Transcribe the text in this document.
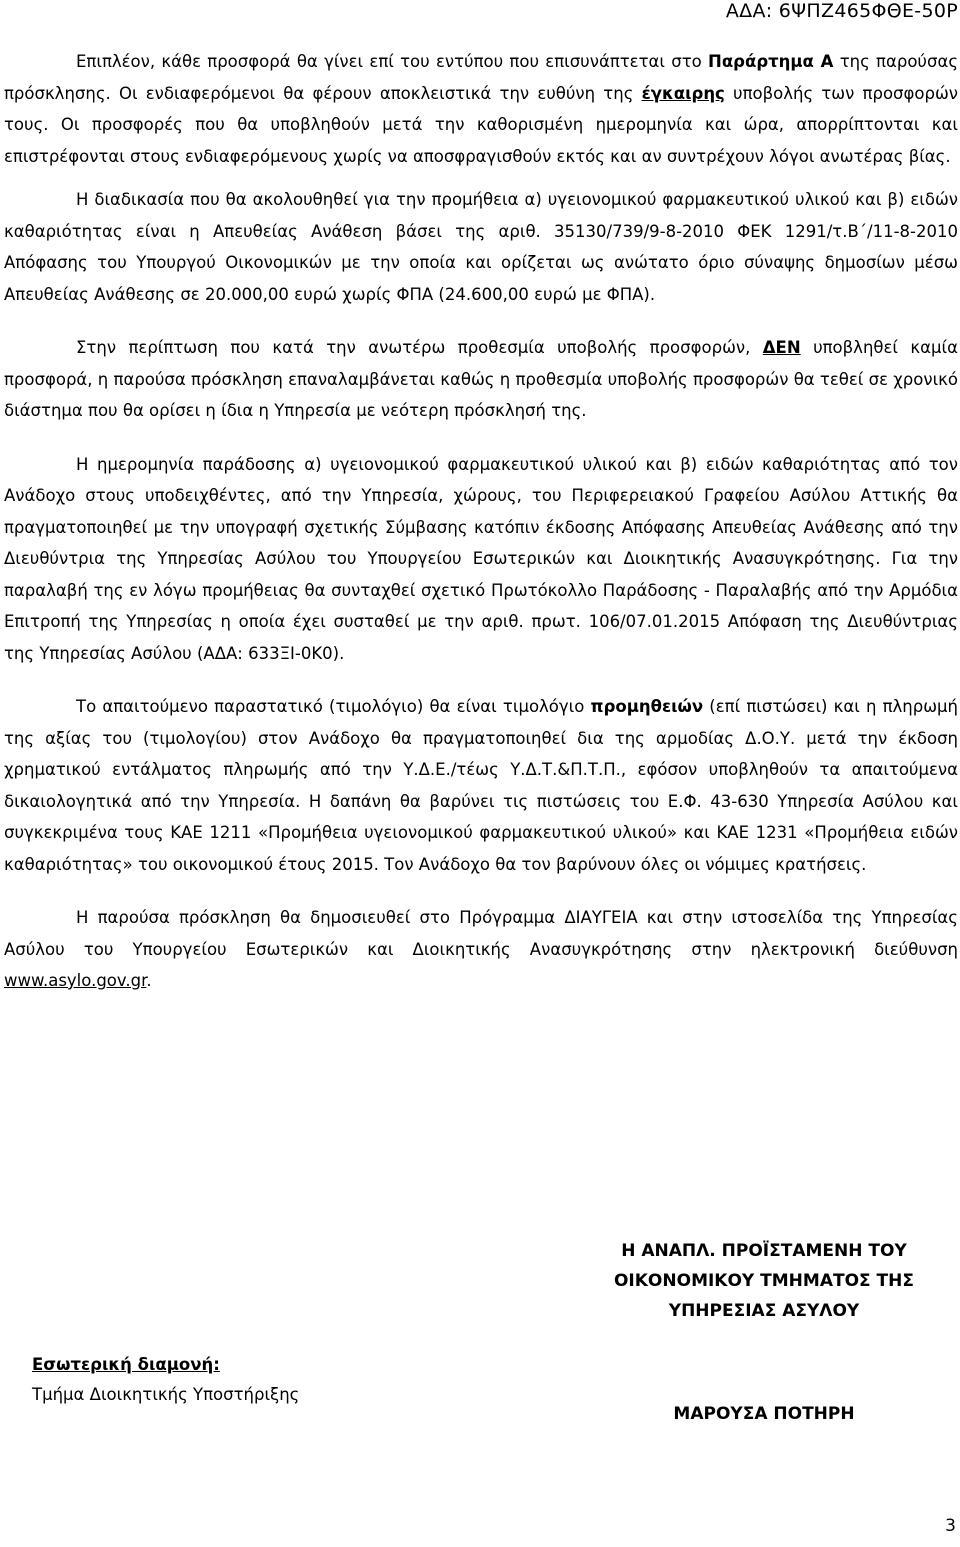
ΑΔΑ: 6ΨΠΖ465ΦΘΕ-50Ρ

Επιπλέον, κάθε προσφορά θα γίνει επί του εντύπου που επισυνάπτεται στο Παράρτημα Α της παρούσας πρόσκλησης. Οι ενδιαφερόμενοι θα φέρουν αποκλειστικά την ευθύνη της έγκαιρης υποβολής των προσφορών τους. Οι προσφορές που θα υποβληθούν μετά την καθορισμένη ημερομηνία και ώρα, απορρίπτονται και επιστρέφονται στους ενδιαφερόμενους χωρίς να αποσφραγισθούν εκτός και αν συντρέχουν λόγοι ανωτέρας βίας.

Η διαδικασία που θα ακολουθηθεί για την προμήθεια α) υγειονομικού φαρμακευτικού υλικού και β) ειδών καθαριότητας είναι η Απευθείας Ανάθεση βάσει της αριθ. 35130/739/9-8-2010 ΦΕΚ 1291/τ.Β΄/11-8-2010 Απόφασης του Υπουργού Οικονομικών με την οποία και ορίζεται ως ανώτατο όριο σύναψης δημοσίων μέσω Απευθείας Ανάθεσης σε 20.000,00 ευρώ χωρίς ΦΠΑ (24.600,00 ευρώ με ΦΠΑ).

Στην περίπτωση που κατά την ανωτέρω προθεσμία υποβολής προσφορών, ΔΕΝ υποβληθεί καμία προσφορά, η παρούσα πρόσκληση επαναλαμβάνεται καθώς η προθεσμία υποβολής προσφορών θα τεθεί σε χρονικό διάστημα που θα ορίσει η ίδια η Υπηρεσία με νεότερη πρόσκλησή της.

Η ημερομηνία παράδοσης α) υγειονομικού φαρμακευτικού υλικού και β) ειδών καθαριότητας από τον Ανάδοχο στους υποδειχθέντες, από την Υπηρεσία, χώρους, του Περιφερειακού Γραφείου Ασύλου Αττικής θα πραγματοποιηθεί με την υπογραφή σχετικής Σύμβασης κατόπιν έκδοσης Απόφασης Απευθείας Ανάθεσης από την Διευθύντρια της Υπηρεσίας Ασύλου του Υπουργείου Εσωτερικών και Διοικητικής Ανασυγκρότησης. Για την παραλαβή της εν λόγω προμήθειας θα συνταχθεί σχετικό Πρωτόκολλο Παράδοσης - Παραλαβής από την Αρμόδια Επιτροπή της Υπηρεσίας η οποία έχει συσταθεί με την αριθ. πρωτ. 106/07.01.2015 Απόφαση της Διευθύντριας της Υπηρεσίας Ασύλου (ΑΔΑ: 633ΞΙ-0Κ0).

Το απαιτούμενο παραστατικό (τιμολόγιο) θα είναι τιμολόγιο προμηθειών (επί πιστώσει) και η πληρωμή της αξίας του (τιμολογίου) στον Ανάδοχο θα πραγματοποιηθεί δια της αρμοδίας Δ.Ο.Υ. μετά την έκδοση χρηματικού εντάλματος πληρωμής από την Υ.Δ.Ε./τέως Υ.Δ.Τ.&Π.Τ.Π., εφόσον υποβληθούν τα απαιτούμενα δικαιολογητικά από την Υπηρεσία. Η δαπάνη θα βαρύνει τις πιστώσεις του Ε.Φ. 43-630 Υπηρεσία Ασύλου και συγκεκριμένα τους ΚΑΕ 1211 «Προμήθεια υγειονομικού φαρμακευτικού υλικού» και ΚΑΕ 1231 «Προμήθεια ειδών καθαριότητας» του οικονομικού έτους 2015. Τον Ανάδοχο θα τον βαρύνουν όλες οι νόμιμες κρατήσεις.

Η παρούσα πρόσκληση θα δημοσιευθεί στο Πρόγραμμα ΔΙΑΥΓΕΙΑ και στην ιστοσελίδα της Υπηρεσίας Ασύλου του Υπουργείου Εσωτερικών και Διοικητικής Ανασυγκρότησης στην ηλεκτρονική διεύθυνση www.asylo.gov.gr.

Η ΑΝΑΠΛ. ΠΡΟΪΣΤΑΜΕΝΗ ΤΟΥ
ΟΙΚΟΝΟΜΙΚΟΥ ΤΜΗΜΑΤΟΣ ΤΗΣ
ΥΠΗΡΕΣΙΑΣ ΑΣΥΛΟΥ
Εσωτερική διαμονή:
Τμήμα Διοικητικής Υποστήριξης
ΜΑΡΟΥΣΑ ΠΟΤΗΡΗ
3
